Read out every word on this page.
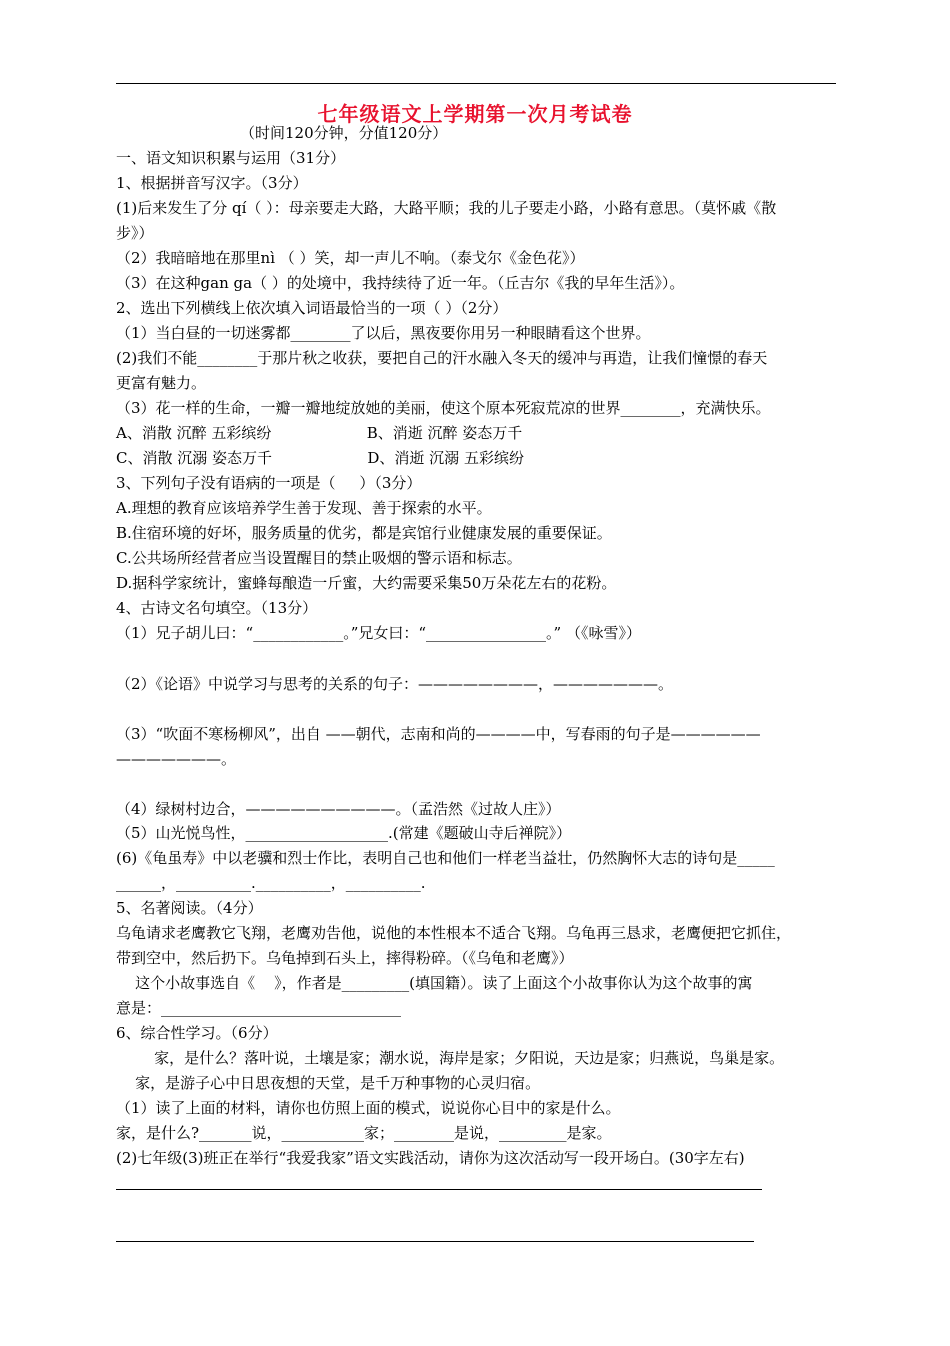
七年级语文上学期第一次月考试卷
（时间120分钟，分值120分）
一、语文知识积累与运用（31分）
1、根据拼音写汉字。（3分）
(1)后来发生了分 qí（ ）：母亲要走大路，大路平顺；我的儿子要走小路，小路有意思。（莫怀戚《散
步》）
（2）我暗暗地在那里nì （ ）笑，却一声儿不响。（泰戈尔《金色花》）
（3）在这种gan ga（ ）的处境中，我持续待了近一年。（丘吉尔《我的早年生活》）。
2、选出下列横线上依次填入词语最恰当的一项（ ）（2分）
（1）当白昼的一切迷雾都________了以后，黑夜要你用另一种眼睛看这个世界。
(2)我们不能________于那片秋之收获，要把自己的汗水融入冬天的缓冲与再造，让我们憧憬的春天
更富有魅力。
（3）花一样的生命，一瓣一瓣地绽放她的美丽，使这个原本死寂荒凉的世界________，充满快乐。
A、消散 沉醉 五彩缤纷                    B、消逝 沉醉 姿态万千
C、消散 沉溺 姿态万千                    D、消逝 沉溺 五彩缤纷
3、下列句子没有语病的一项是（     ）（3分）
A.理想的教育应该培养学生善于发现、善于探索的水平。
B.住宿环境的好坏，服务质量的优劣，都是宾馆行业健康发展的重要保证。
C.公共场所经营者应当设置醒目的禁止吸烟的警示语和标志。
D.据科学家统计，蜜蜂每酿造一斤蜜，大约需要采集50万朵花左右的花粉。
4、古诗文名句填空。（13分）
（1）兄子胡儿曰：“____________。”兄女曰：“________________。” （《咏雪》）
（2）《论语》中说学习与思考的关系的句子：————————，———————。
（3）“吹面不寒杨柳风”，出自 ——朝代，志南和尚的————中，写春雨的句子是——————
———————。
（4）绿树村边合，——————————。（孟浩然《过故人庄》）
（5）山光悦鸟性，___________________.(常建《题破山寺后禅院》）
(6)《龟虽寿》中以老骥和烈士作比，表明自己也和他们一样老当益壮，仍然胸怀大志的诗句是_____
______，__________.__________，__________.
5、名著阅读。（4分）
乌龟请求老鹰教它飞翔，老鹰劝告他，说他的本性根本不适合飞翔。乌龟再三恳求，老鹰便把它抓住，
带到空中，然后扔下。乌龟掉到石头上，摔得粉碎。（《乌龟和老鹰》）
这个小故事选自《    》，作者是_________(填国籍）。读了上面这个小故事你认为这个故事的寓
意是：________________________________
6、综合性学习。（6分）
家，是什么？落叶说，土壤是家；潮水说，海岸是家；夕阳说，天边是家；归燕说，鸟巢是家。
家，是游子心中日思夜想的天堂，是千万种事物的心灵归宿。
（1）读了上面的材料，请你也仿照上面的模式，说说你心目中的家是什么。
家，是什么?_______说，___________家；________是说，_________是家。
(2)七年级(3)班正在举行“我爱我家”语文实践活动，请你为这次活动写一段开场白。(30字左右)
